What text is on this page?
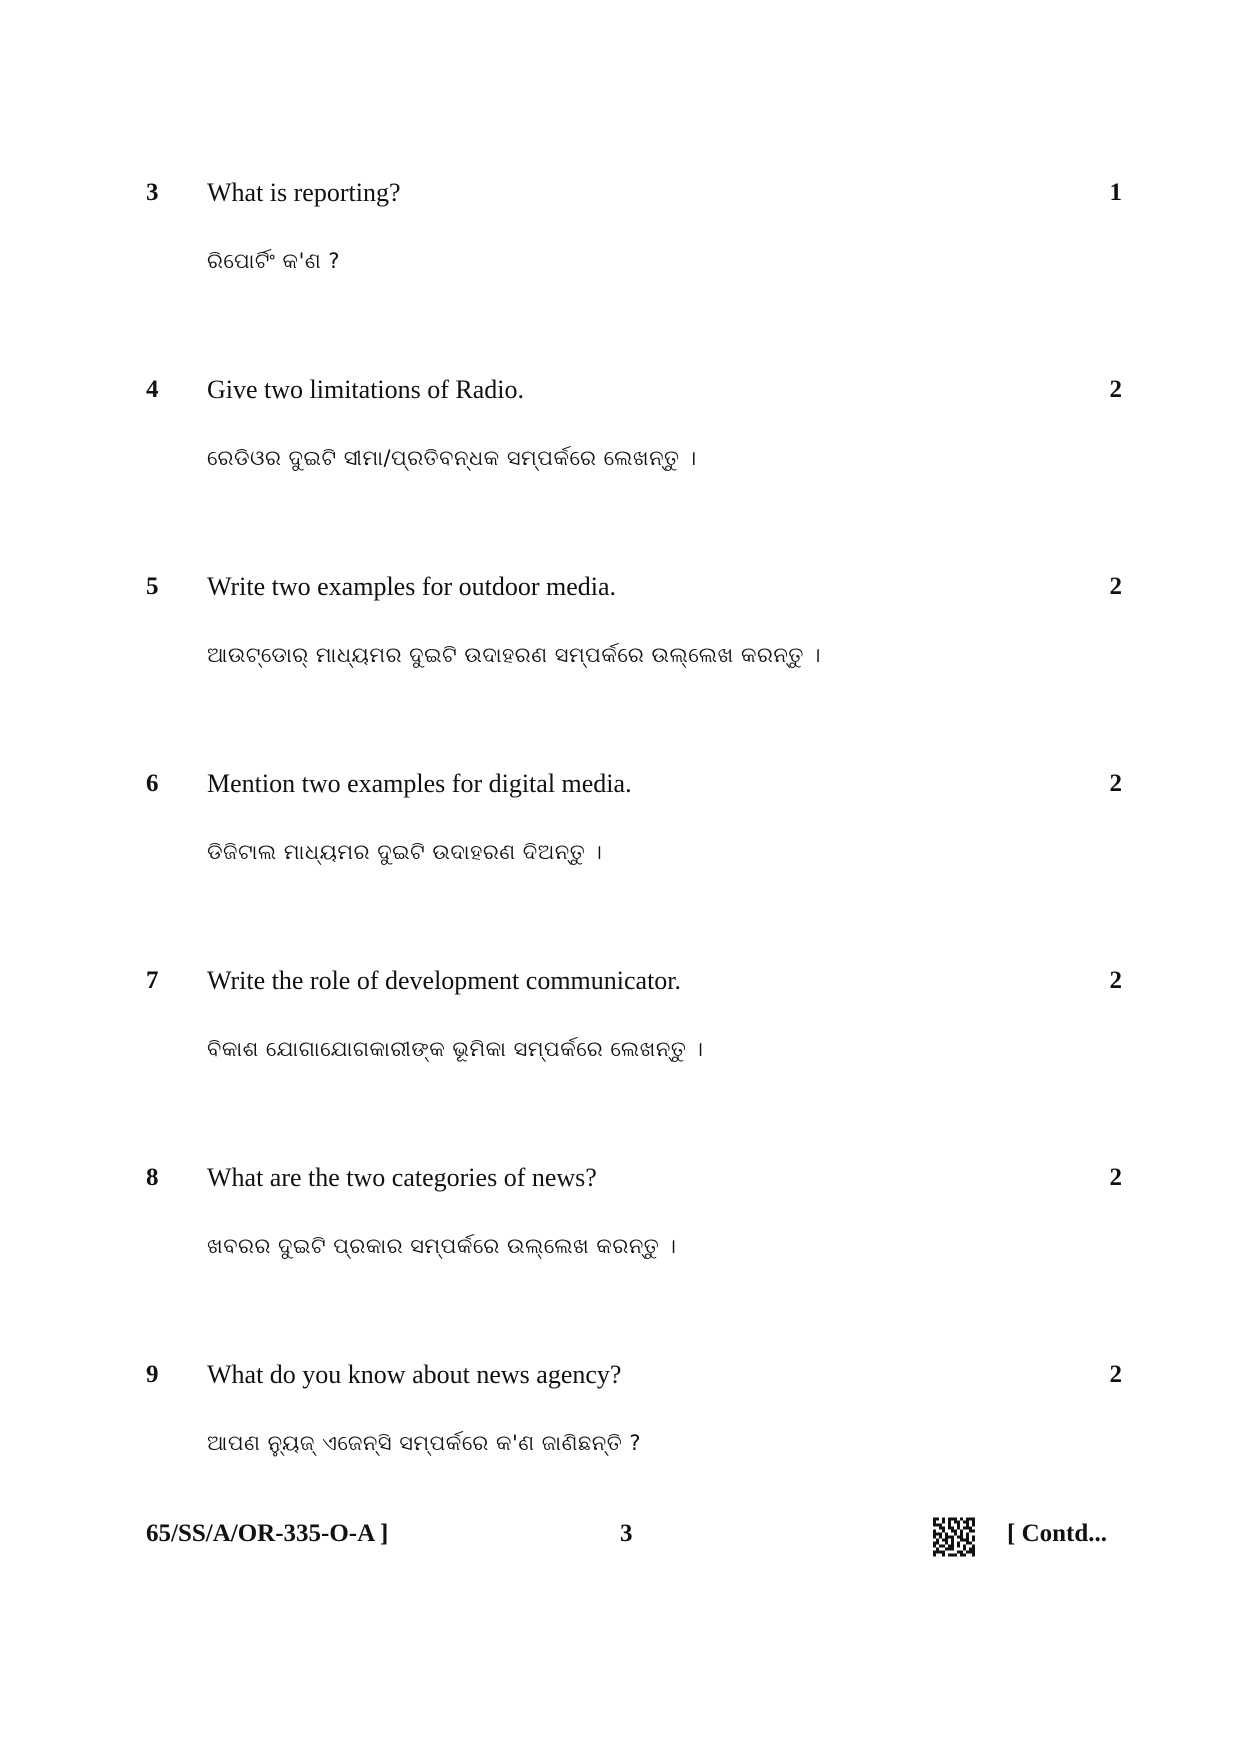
3 What is reporting?	1
ରିପୋର୍ଟିଂ କ'ଣ ?
4 Give two limitations of Radio.	2
ରେଡିଓର ଦୁଇଟି ସୀମା/ପ୍ରତିବନ୍ଧକ ସମ୍ପର୍କରେ ଲେଖନ୍ତୁ ।
5 Write two examples for outdoor media.	2
ଆଉଟ୍‌ଡୋର୍‌ ମାଧ୍ୟମର ଦୁଇଟି ଉଦାହରଣ ସମ୍ପର୍କରେ ଉଲ୍ଲେଖ କରନ୍ତୁ ।
6 Mention two examples for digital media.	2
ଡିଜିଟାଲ ମାଧ୍ୟମର ଦୁଇଟି ଉଦାହରଣ ଦିଅନ୍ତୁ ।
7 Write the role of development communicator.	2
ବିକାଶ ଯୋଗାଯୋଗକାରୀଙ୍କ ଭୂମିକା ସମ୍ପର୍କରେ ଲେଖନ୍ତୁ ।
8 What are the two categories of news?	2
ଖବରର ଦୁଇଟି ପ୍ରକାର ସମ୍ପର୍କରେ ଉଲ୍ଲେଖ କରନ୍ତୁ ।
9 What do you know about news agency?	2
ଆପଣ ନ୍ୟୁଜ୍‌ ଏଜେନ୍‌ସି ସମ୍ପର୍କରେ କ'ଣ ଜାଣିଛନ୍ତି ?
65/SS/A/OR-335-O-A ]	3	[ Contd...
